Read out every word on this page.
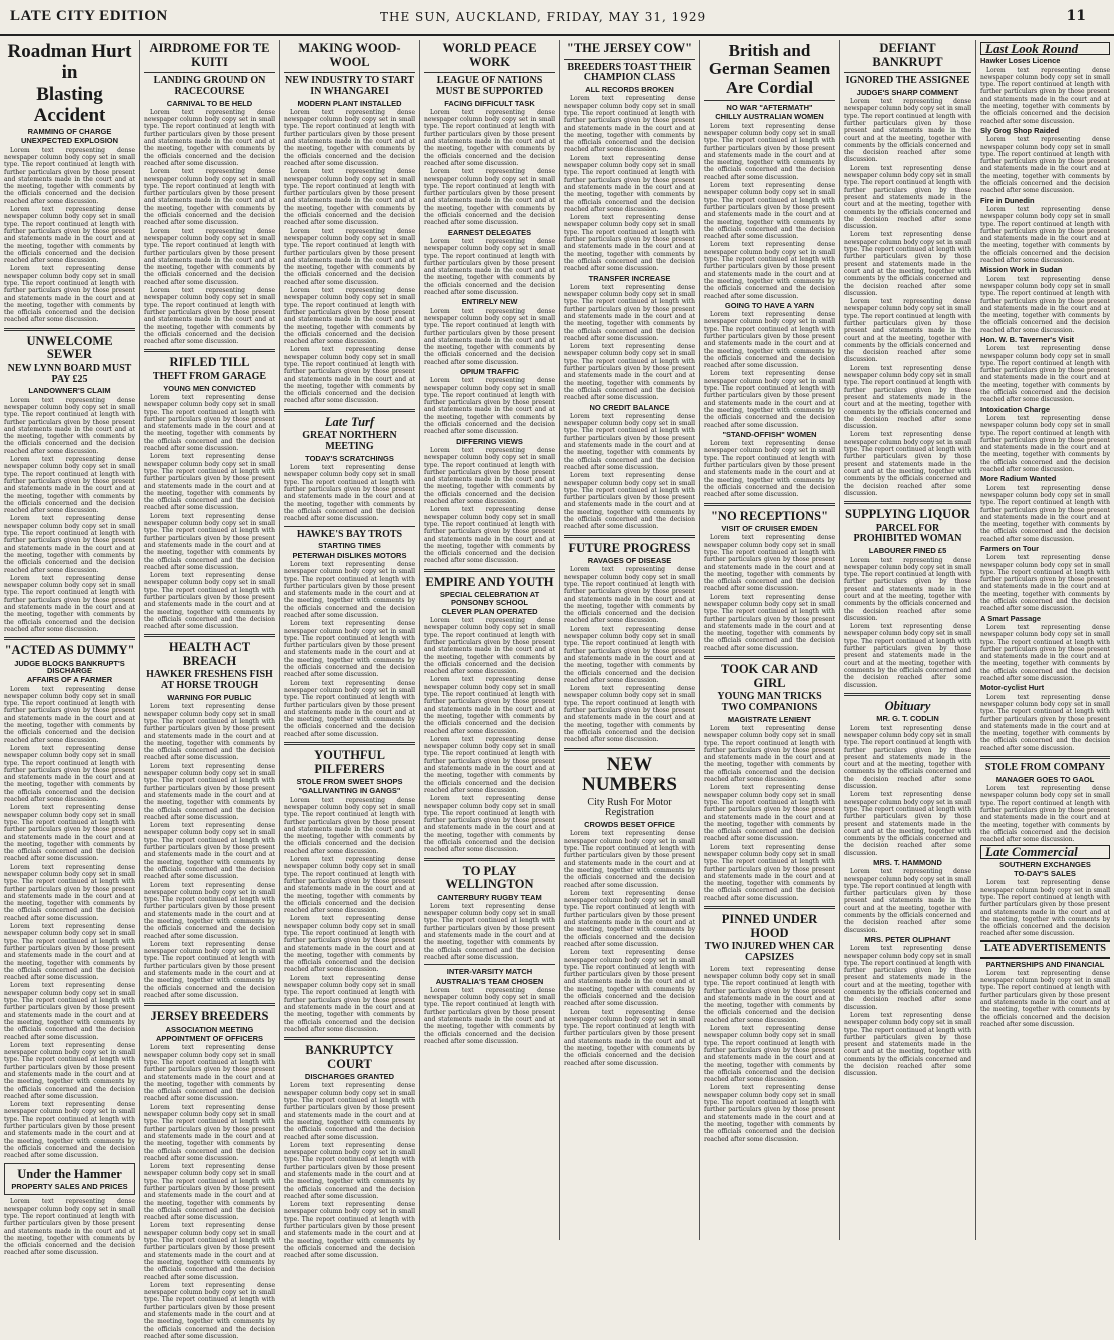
LATE CITY EDITION	THE SUN, AUCKLAND, FRIDAY, MAY 31, 1929	11
Roadman Hurt in
Blasting Accident
RAMMING OF CHARGE
UNEXPECTED EXPLOSION

Lorem text representing dense newspaper column body copy set in small type. The report continued at length with further particulars given by those present and statements made in the court and at the meeting, together with comments by the officials concerned and the decision reached after some discussion.

Lorem text representing dense newspaper column body copy set in small type. The report continued at length with further particulars given by those present and statements made in the court and at the meeting, together with comments by the officials concerned and the decision reached after some discussion.

Lorem text representing dense newspaper column body copy set in small type. The report continued at length with further particulars given by those present and statements made in the court and at the meeting, together with comments by the officials concerned and the decision reached after some discussion.

UNWELCOME SEWER
NEW LYNN BOARD MUST PAY £25
LANDOWNER'S CLAIM

Lorem text representing dense newspaper column body copy set in small type. The report continued at length with further particulars given by those present and statements made in the court and at the meeting, together with comments by the officials concerned and the decision reached after some discussion.

Lorem text representing dense newspaper column body copy set in small type. The report continued at length with further particulars given by those present and statements made in the court and at the meeting, together with comments by the officials concerned and the decision reached after some discussion.

Lorem text representing dense newspaper column body copy set in small type. The report continued at length with further particulars given by those present and statements made in the court and at the meeting, together with comments by the officials concerned and the decision reached after some discussion.

Lorem text representing dense newspaper column body copy set in small type. The report continued at length with further particulars given by those present and statements made in the court and at the meeting, together with comments by the officials concerned and the decision reached after some discussion.

"ACTED AS DUMMY"
JUDGE BLOCKS BANKRUPT'S DISCHARGE
AFFAIRS OF A FARMER

Lorem text representing dense newspaper column body copy set in small type. The report continued at length with further particulars given by those present and statements made in the court and at the meeting, together with comments by the officials concerned and the decision reached after some discussion.

Lorem text representing dense newspaper column body copy set in small type. The report continued at length with further particulars given by those present and statements made in the court and at the meeting, together with comments by the officials concerned and the decision reached after some discussion.

Lorem text representing dense newspaper column body copy set in small type. The report continued at length with further particulars given by those present and statements made in the court and at the meeting, together with comments by the officials concerned and the decision reached after some discussion.

Lorem text representing dense newspaper column body copy set in small type. The report continued at length with further particulars given by those present and statements made in the court and at the meeting, together with comments by the officials concerned and the decision reached after some discussion.

Lorem text representing dense newspaper column body copy set in small type. The report continued at length with further particulars given by those present and statements made in the court and at the meeting, together with comments by the officials concerned and the decision reached after some discussion.

Lorem text representing dense newspaper column body copy set in small type. The report continued at length with further particulars given by those present and statements made in the court and at the meeting, together with comments by the officials concerned and the decision reached after some discussion.

Lorem text representing dense newspaper column body copy set in small type. The report continued at length with further particulars given by those present and statements made in the court and at the meeting, together with comments by the officials concerned and the decision reached after some discussion.

Lorem text representing dense newspaper column body copy set in small type. The report continued at length with further particulars given by those present and statements made in the court and at the meeting, together with comments by the officials concerned and the decision reached after some discussion.

Under the Hammer
PROPERTY SALES AND PRICES

Lorem text representing dense newspaper column body copy set in small type. The report continued at length with further particulars given by those present and statements made in the court and at the meeting, together with comments by the officials concerned and the decision reached after some discussion.

AIRDROME FOR TE KUITI
LANDING GROUND ON RACECOURSE
CARNIVAL TO BE HELD

Lorem text representing dense newspaper column body copy set in small type. The report continued at length with further particulars given by those present and statements made in the court and at the meeting, together with comments by the officials concerned and the decision reached after some discussion.

Lorem text representing dense newspaper column body copy set in small type. The report continued at length with further particulars given by those present and statements made in the court and at the meeting, together with comments by the officials concerned and the decision reached after some discussion.

Lorem text representing dense newspaper column body copy set in small type. The report continued at length with further particulars given by those present and statements made in the court and at the meeting, together with comments by the officials concerned and the decision reached after some discussion.

Lorem text representing dense newspaper column body copy set in small type. The report continued at length with further particulars given by those present and statements made in the court and at the meeting, together with comments by the officials concerned and the decision reached after some discussion.

RIFLED TILL
THEFT FROM GARAGE
YOUNG MEN CONVICTED

Lorem text representing dense newspaper column body copy set in small type. The report continued at length with further particulars given by those present and statements made in the court and at the meeting, together with comments by the officials concerned and the decision reached after some discussion.

Lorem text representing dense newspaper column body copy set in small type. The report continued at length with further particulars given by those present and statements made in the court and at the meeting, together with comments by the officials concerned and the decision reached after some discussion.

Lorem text representing dense newspaper column body copy set in small type. The report continued at length with further particulars given by those present and statements made in the court and at the meeting, together with comments by the officials concerned and the decision reached after some discussion.

Lorem text representing dense newspaper column body copy set in small type. The report continued at length with further particulars given by those present and statements made in the court and at the meeting, together with comments by the officials concerned and the decision reached after some discussion.

HEALTH ACT BREACH
HAWKER FRESHENS FISH AT HORSE TROUGH
WARNING FOR PUBLIC

Lorem text representing dense newspaper column body copy set in small type. The report continued at length with further particulars given by those present and statements made in the court and at the meeting, together with comments by the officials concerned and the decision reached after some discussion.

Lorem text representing dense newspaper column body copy set in small type. The report continued at length with further particulars given by those present and statements made in the court and at the meeting, together with comments by the officials concerned and the decision reached after some discussion.

Lorem text representing dense newspaper column body copy set in small type. The report continued at length with further particulars given by those present and statements made in the court and at the meeting, together with comments by the officials concerned and the decision reached after some discussion.

Lorem text representing dense newspaper column body copy set in small type. The report continued at length with further particulars given by those present and statements made in the court and at the meeting, together with comments by the officials concerned and the decision reached after some discussion.

Lorem text representing dense newspaper column body copy set in small type. The report continued at length with further particulars given by those present and statements made in the court and at the meeting, together with comments by the officials concerned and the decision reached after some discussion.

JERSEY BREEDERS
ASSOCIATION MEETING
APPOINTMENT OF OFFICERS

Lorem text representing dense newspaper column body copy set in small type. The report continued at length with further particulars given by those present and statements made in the court and at the meeting, together with comments by the officials concerned and the decision reached after some discussion.

Lorem text representing dense newspaper column body copy set in small type. The report continued at length with further particulars given by those present and statements made in the court and at the meeting, together with comments by the officials concerned and the decision reached after some discussion.

Lorem text representing dense newspaper column body copy set in small type. The report continued at length with further particulars given by those present and statements made in the court and at the meeting, together with comments by the officials concerned and the decision reached after some discussion.

Lorem text representing dense newspaper column body copy set in small type. The report continued at length with further particulars given by those present and statements made in the court and at the meeting, together with comments by the officials concerned and the decision reached after some discussion.

Lorem text representing dense newspaper column body copy set in small type. The report continued at length with further particulars given by those present and statements made in the court and at the meeting, together with comments by the officials concerned and the decision reached after some discussion.

MAKING WOOD-WOOL
NEW INDUSTRY TO START IN WHANGAREI
MODERN PLANT INSTALLED

Lorem text representing dense newspaper column body copy set in small type. The report continued at length with further particulars given by those present and statements made in the court and at the meeting, together with comments by the officials concerned and the decision reached after some discussion.

Lorem text representing dense newspaper column body copy set in small type. The report continued at length with further particulars given by those present and statements made in the court and at the meeting, together with comments by the officials concerned and the decision reached after some discussion.

Lorem text representing dense newspaper column body copy set in small type. The report continued at length with further particulars given by those present and statements made in the court and at the meeting, together with comments by the officials concerned and the decision reached after some discussion.

Lorem text representing dense newspaper column body copy set in small type. The report continued at length with further particulars given by those present and statements made in the court and at the meeting, together with comments by the officials concerned and the decision reached after some discussion.

Lorem text representing dense newspaper column body copy set in small type. The report continued at length with further particulars given by those present and statements made in the court and at the meeting, together with comments by the officials concerned and the decision reached after some discussion.

Late Turf
GREAT NORTHERN MEETING
TODAY'S SCRATCHINGS

Lorem text representing dense newspaper column body copy set in small type. The report continued at length with further particulars given by those present and statements made in the court and at the meeting, together with comments by the officials concerned and the decision reached after some discussion.

HAWKE'S BAY TROTS
STARTING TIMES
PETERWAH DISLIKES MOTORS

Lorem text representing dense newspaper column body copy set in small type. The report continued at length with further particulars given by those present and statements made in the court and at the meeting, together with comments by the officials concerned and the decision reached after some discussion.

Lorem text representing dense newspaper column body copy set in small type. The report continued at length with further particulars given by those present and statements made in the court and at the meeting, together with comments by the officials concerned and the decision reached after some discussion.

Lorem text representing dense newspaper column body copy set in small type. The report continued at length with further particulars given by those present and statements made in the court and at the meeting, together with comments by the officials concerned and the decision reached after some discussion.

YOUTHFUL PILFERERS
STOLE FROM SWEET SHOPS
"GALLIVANTING IN GANGS"

Lorem text representing dense newspaper column body copy set in small type. The report continued at length with further particulars given by those present and statements made in the court and at the meeting, together with comments by the officials concerned and the decision reached after some discussion.

Lorem text representing dense newspaper column body copy set in small type. The report continued at length with further particulars given by those present and statements made in the court and at the meeting, together with comments by the officials concerned and the decision reached after some discussion.

Lorem text representing dense newspaper column body copy set in small type. The report continued at length with further particulars given by those present and statements made in the court and at the meeting, together with comments by the officials concerned and the decision reached after some discussion.

Lorem text representing dense newspaper column body copy set in small type. The report continued at length with further particulars given by those present and statements made in the court and at the meeting, together with comments by the officials concerned and the decision reached after some discussion.

BANKRUPTCY COURT
DISCHARGES GRANTED

Lorem text representing dense newspaper column body copy set in small type. The report continued at length with further particulars given by those present and statements made in the court and at the meeting, together with comments by the officials concerned and the decision reached after some discussion.

Lorem text representing dense newspaper column body copy set in small type. The report continued at length with further particulars given by those present and statements made in the court and at the meeting, together with comments by the officials concerned and the decision reached after some discussion.

Lorem text representing dense newspaper column body copy set in small type. The report continued at length with further particulars given by those present and statements made in the court and at the meeting, together with comments by the officials concerned and the decision reached after some discussion.

WORLD PEACE WORK
LEAGUE OF NATIONS MUST BE SUPPORTED
FACING DIFFICULT TASK

Lorem text representing dense newspaper column body copy set in small type. The report continued at length with further particulars given by those present and statements made in the court and at the meeting, together with comments by the officials concerned and the decision reached after some discussion.

Lorem text representing dense newspaper column body copy set in small type. The report continued at length with further particulars given by those present and statements made in the court and at the meeting, together with comments by the officials concerned and the decision reached after some discussion.

EARNEST DELEGATES

Lorem text representing dense newspaper column body copy set in small type. The report continued at length with further particulars given by those present and statements made in the court and at the meeting, together with comments by the officials concerned and the decision reached after some discussion.

ENTIRELY NEW

Lorem text representing dense newspaper column body copy set in small type. The report continued at length with further particulars given by those present and statements made in the court and at the meeting, together with comments by the officials concerned and the decision reached after some discussion.

OPIUM TRAFFIC

Lorem text representing dense newspaper column body copy set in small type. The report continued at length with further particulars given by those present and statements made in the court and at the meeting, together with comments by the officials concerned and the decision reached after some discussion.

DIFFERING VIEWS

Lorem text representing dense newspaper column body copy set in small type. The report continued at length with further particulars given by those present and statements made in the court and at the meeting, together with comments by the officials concerned and the decision reached after some discussion.

Lorem text representing dense newspaper column body copy set in small type. The report continued at length with further particulars given by those present and statements made in the court and at the meeting, together with comments by the officials concerned and the decision reached after some discussion.

EMPIRE AND YOUTH
SPECIAL CELEBRATION AT PONSONBY SCHOOL
CLEVER PLAN OPERATED

Lorem text representing dense newspaper column body copy set in small type. The report continued at length with further particulars given by those present and statements made in the court and at the meeting, together with comments by the officials concerned and the decision reached after some discussion.

Lorem text representing dense newspaper column body copy set in small type. The report continued at length with further particulars given by those present and statements made in the court and at the meeting, together with comments by the officials concerned and the decision reached after some discussion.

Lorem text representing dense newspaper column body copy set in small type. The report continued at length with further particulars given by those present and statements made in the court and at the meeting, together with comments by the officials concerned and the decision reached after some discussion.

Lorem text representing dense newspaper column body copy set in small type. The report continued at length with further particulars given by those present and statements made in the court and at the meeting, together with comments by the officials concerned and the decision reached after some discussion.

TO PLAY WELLINGTON
CANTERBURY RUGBY TEAM

Lorem text representing dense newspaper column body copy set in small type. The report continued at length with further particulars given by those present and statements made in the court and at the meeting, together with comments by the officials concerned and the decision reached after some discussion.

INTER-VARSITY MATCH
AUSTRALIA'S TEAM CHOSEN

Lorem text representing dense newspaper column body copy set in small type. The report continued at length with further particulars given by those present and statements made in the court and at the meeting, together with comments by the officials concerned and the decision reached after some discussion.

"THE JERSEY COW"
BREEDERS TOAST THEIR CHAMPION CLASS
ALL RECORDS BROKEN

Lorem text representing dense newspaper column body copy set in small type. The report continued at length with further particulars given by those present and statements made in the court and at the meeting, together with comments by the officials concerned and the decision reached after some discussion.

Lorem text representing dense newspaper column body copy set in small type. The report continued at length with further particulars given by those present and statements made in the court and at the meeting, together with comments by the officials concerned and the decision reached after some discussion.

Lorem text representing dense newspaper column body copy set in small type. The report continued at length with further particulars given by those present and statements made in the court and at the meeting, together with comments by the officials concerned and the decision reached after some discussion.

TRANSFER INCREASE

Lorem text representing dense newspaper column body copy set in small type. The report continued at length with further particulars given by those present and statements made in the court and at the meeting, together with comments by the officials concerned and the decision reached after some discussion.

Lorem text representing dense newspaper column body copy set in small type. The report continued at length with further particulars given by those present and statements made in the court and at the meeting, together with comments by the officials concerned and the decision reached after some discussion.

NO CREDIT BALANCE

Lorem text representing dense newspaper column body copy set in small type. The report continued at length with further particulars given by those present and statements made in the court and at the meeting, together with comments by the officials concerned and the decision reached after some discussion.

Lorem text representing dense newspaper column body copy set in small type. The report continued at length with further particulars given by those present and statements made in the court and at the meeting, together with comments by the officials concerned and the decision reached after some discussion.

FUTURE PROGRESS
RAVAGES OF DISEASE

Lorem text representing dense newspaper column body copy set in small type. The report continued at length with further particulars given by those present and statements made in the court and at the meeting, together with comments by the officials concerned and the decision reached after some discussion.

Lorem text representing dense newspaper column body copy set in small type. The report continued at length with further particulars given by those present and statements made in the court and at the meeting, together with comments by the officials concerned and the decision reached after some discussion.

Lorem text representing dense newspaper column body copy set in small type. The report continued at length with further particulars given by those present and statements made in the court and at the meeting, together with comments by the officials concerned and the decision reached after some discussion.

NEW NUMBERS
City Rush For Motor Registration
CROWDS BESET OFFICE

Lorem text representing dense newspaper column body copy set in small type. The report continued at length with further particulars given by those present and statements made in the court and at the meeting, together with comments by the officials concerned and the decision reached after some discussion.

Lorem text representing dense newspaper column body copy set in small type. The report continued at length with further particulars given by those present and statements made in the court and at the meeting, together with comments by the officials concerned and the decision reached after some discussion.

Lorem text representing dense newspaper column body copy set in small type. The report continued at length with further particulars given by those present and statements made in the court and at the meeting, together with comments by the officials concerned and the decision reached after some discussion.

Lorem text representing dense newspaper column body copy set in small type. The report continued at length with further particulars given by those present and statements made in the court and at the meeting, together with comments by the officials concerned and the decision reached after some discussion.

British and German Seamen Are Cordial
NO WAR "AFTERMATH"
CHILLY AUSTRALIAN WOMEN

Lorem text representing dense newspaper column body copy set in small type. The report continued at length with further particulars given by those present and statements made in the court and at the meeting, together with comments by the officials concerned and the decision reached after some discussion.

Lorem text representing dense newspaper column body copy set in small type. The report continued at length with further particulars given by those present and statements made in the court and at the meeting, together with comments by the officials concerned and the decision reached after some discussion.

Lorem text representing dense newspaper column body copy set in small type. The report continued at length with further particulars given by those present and statements made in the court and at the meeting, together with comments by the officials concerned and the decision reached after some discussion.

GOING TO HAVE A YARN

Lorem text representing dense newspaper column body copy set in small type. The report continued at length with further particulars given by those present and statements made in the court and at the meeting, together with comments by the officials concerned and the decision reached after some discussion.

Lorem text representing dense newspaper column body copy set in small type. The report continued at length with further particulars given by those present and statements made in the court and at the meeting, together with comments by the officials concerned and the decision reached after some discussion.

"STAND-OFFISH" WOMEN

Lorem text representing dense newspaper column body copy set in small type. The report continued at length with further particulars given by those present and statements made in the court and at the meeting, together with comments by the officials concerned and the decision reached after some discussion.

"NO RECEPTIONS"
VISIT OF CRUISER EMDEN

Lorem text representing dense newspaper column body copy set in small type. The report continued at length with further particulars given by those present and statements made in the court and at the meeting, together with comments by the officials concerned and the decision reached after some discussion.

Lorem text representing dense newspaper column body copy set in small type. The report continued at length with further particulars given by those present and statements made in the court and at the meeting, together with comments by the officials concerned and the decision reached after some discussion.

TOOK CAR AND GIRL
YOUNG MAN TRICKS TWO COMPANIONS
MAGISTRATE LENIENT

Lorem text representing dense newspaper column body copy set in small type. The report continued at length with further particulars given by those present and statements made in the court and at the meeting, together with comments by the officials concerned and the decision reached after some discussion.

Lorem text representing dense newspaper column body copy set in small type. The report continued at length with further particulars given by those present and statements made in the court and at the meeting, together with comments by the officials concerned and the decision reached after some discussion.

Lorem text representing dense newspaper column body copy set in small type. The report continued at length with further particulars given by those present and statements made in the court and at the meeting, together with comments by the officials concerned and the decision reached after some discussion.

PINNED UNDER HOOD
TWO INJURED WHEN CAR CAPSIZES

Lorem text representing dense newspaper column body copy set in small type. The report continued at length with further particulars given by those present and statements made in the court and at the meeting, together with comments by the officials concerned and the decision reached after some discussion.

Lorem text representing dense newspaper column body copy set in small type. The report continued at length with further particulars given by those present and statements made in the court and at the meeting, together with comments by the officials concerned and the decision reached after some discussion.

Lorem text representing dense newspaper column body copy set in small type. The report continued at length with further particulars given by those present and statements made in the court and at the meeting, together with comments by the officials concerned and the decision reached after some discussion.

DEFIANT BANKRUPT
IGNORED THE ASSIGNEE
JUDGE'S SHARP COMMENT

Lorem text representing dense newspaper column body copy set in small type. The report continued at length with further particulars given by those present and statements made in the court and at the meeting, together with comments by the officials concerned and the decision reached after some discussion.

Lorem text representing dense newspaper column body copy set in small type. The report continued at length with further particulars given by those present and statements made in the court and at the meeting, together with comments by the officials concerned and the decision reached after some discussion.

Lorem text representing dense newspaper column body copy set in small type. The report continued at length with further particulars given by those present and statements made in the court and at the meeting, together with comments by the officials concerned and the decision reached after some discussion.

Lorem text representing dense newspaper column body copy set in small type. The report continued at length with further particulars given by those present and statements made in the court and at the meeting, together with comments by the officials concerned and the decision reached after some discussion.

Lorem text representing dense newspaper column body copy set in small type. The report continued at length with further particulars given by those present and statements made in the court and at the meeting, together with comments by the officials concerned and the decision reached after some discussion.

Lorem text representing dense newspaper column body copy set in small type. The report continued at length with further particulars given by those present and statements made in the court and at the meeting, together with comments by the officials concerned and the decision reached after some discussion.

SUPPLYING LIQUOR
PARCEL FOR PROHIBITED WOMAN
LABOURER FINED £5

Lorem text representing dense newspaper column body copy set in small type. The report continued at length with further particulars given by those present and statements made in the court and at the meeting, together with comments by the officials concerned and the decision reached after some discussion.

Lorem text representing dense newspaper column body copy set in small type. The report continued at length with further particulars given by those present and statements made in the court and at the meeting, together with comments by the officials concerned and the decision reached after some discussion.

Obituary
MR. G. T. CODLIN

Lorem text representing dense newspaper column body copy set in small type. The report continued at length with further particulars given by those present and statements made in the court and at the meeting, together with comments by the officials concerned and the decision reached after some discussion.

Lorem text representing dense newspaper column body copy set in small type. The report continued at length with further particulars given by those present and statements made in the court and at the meeting, together with comments by the officials concerned and the decision reached after some discussion.

MRS. T. HAMMOND

Lorem text representing dense newspaper column body copy set in small type. The report continued at length with further particulars given by those present and statements made in the court and at the meeting, together with comments by the officials concerned and the decision reached after some discussion.

MRS. PETER OLIPHANT

Lorem text representing dense newspaper column body copy set in small type. The report continued at length with further particulars given by those present and statements made in the court and at the meeting, together with comments by the officials concerned and the decision reached after some discussion.

Lorem text representing dense newspaper column body copy set in small type. The report continued at length with further particulars given by those present and statements made in the court and at the meeting, together with comments by the officials concerned and the decision reached after some discussion.

Last Look Round
Hawker Loses Licence

Lorem text representing dense newspaper column body copy set in small type. The report continued at length with further particulars given by those present and statements made in the court and at the meeting, together with comments by the officials concerned and the decision reached after some discussion.

Sly Grog Shop Raided

Lorem text representing dense newspaper column body copy set in small type. The report continued at length with further particulars given by those present and statements made in the court and at the meeting, together with comments by the officials concerned and the decision reached after some discussion.

Fire in Dunedin

Lorem text representing dense newspaper column body copy set in small type. The report continued at length with further particulars given by those present and statements made in the court and at the meeting, together with comments by the officials concerned and the decision reached after some discussion.

Mission Work in Sudan

Lorem text representing dense newspaper column body copy set in small type. The report continued at length with further particulars given by those present and statements made in the court and at the meeting, together with comments by the officials concerned and the decision reached after some discussion.

Hon. W. B. Taverner's Visit

Lorem text representing dense newspaper column body copy set in small type. The report continued at length with further particulars given by those present and statements made in the court and at the meeting, together with comments by the officials concerned and the decision reached after some discussion.

Intoxication Charge

Lorem text representing dense newspaper column body copy set in small type. The report continued at length with further particulars given by those present and statements made in the court and at the meeting, together with comments by the officials concerned and the decision reached after some discussion.

More Radium Wanted

Lorem text representing dense newspaper column body copy set in small type. The report continued at length with further particulars given by those present and statements made in the court and at the meeting, together with comments by the officials concerned and the decision reached after some discussion.

Farmers on Tour

Lorem text representing dense newspaper column body copy set in small type. The report continued at length with further particulars given by those present and statements made in the court and at the meeting, together with comments by the officials concerned and the decision reached after some discussion.

A Smart Passage

Lorem text representing dense newspaper column body copy set in small type. The report continued at length with further particulars given by those present and statements made in the court and at the meeting, together with comments by the officials concerned and the decision reached after some discussion.

Motor-cyclist Hurt

Lorem text representing dense newspaper column body copy set in small type. The report continued at length with further particulars given by those present and statements made in the court and at the meeting, together with comments by the officials concerned and the decision reached after some discussion.

STOLE FROM COMPANY
MANAGER GOES TO GAOL

Lorem text representing dense newspaper column body copy set in small type. The report continued at length with further particulars given by those present and statements made in the court and at the meeting, together with comments by the officials concerned and the decision reached after some discussion.

Late Commercial
SOUTHERN EXCHANGES
TO-DAY'S SALES

Lorem text representing dense newspaper column body copy set in small type. The report continued at length with further particulars given by those present and statements made in the court and at the meeting, together with comments by the officials concerned and the decision reached after some discussion.

LATE ADVERTISEMENTS
PARTNERSHIPS AND FINANCIAL

Lorem text representing dense newspaper column body copy set in small type. The report continued at length with further particulars given by those present and statements made in the court and at the meeting, together with comments by the officials concerned and the decision reached after some discussion.
